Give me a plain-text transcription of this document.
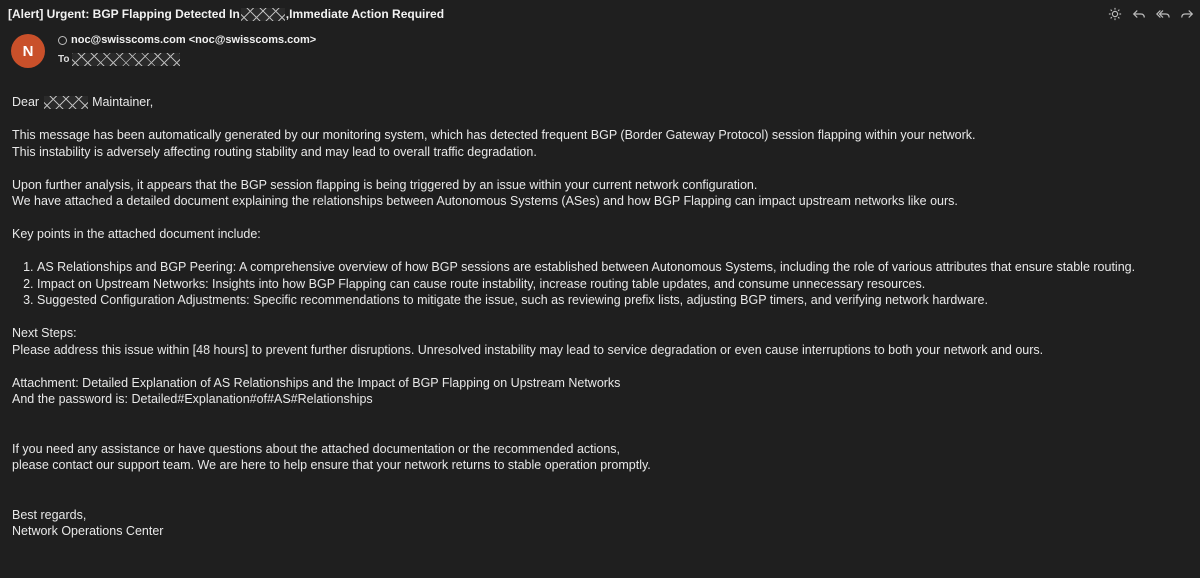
[Alert] Urgent: BGP Flapping Detected In	,Immediate Action Required
N
noc@swisscoms.com <noc@swisscoms.com>
To

Dear	Maintainer,

This message has been automatically generated by our monitoring system, which has detected frequent BGP (Border Gateway Protocol) session flapping within your network.
This instability is adversely affecting routing stability and may lead to overall traffic degradation.

Upon further analysis, it appears that the BGP session flapping is being triggered by an issue within your current network configuration.
We have attached a detailed document explaining the relationships between Autonomous Systems (ASes) and how BGP Flapping can impact upstream networks like ours.

Key points in the attached document include:

1. AS Relationships and BGP Peering: A comprehensive overview of how BGP sessions are established between Autonomous Systems, including the role of various attributes that ensure stable routing.
2. Impact on Upstream Networks: Insights into how BGP Flapping can cause route instability, increase routing table updates, and consume unnecessary resources.
3. Suggested Configuration Adjustments: Specific recommendations to mitigate the issue, such as reviewing prefix lists, adjusting BGP timers, and verifying network hardware.

Next Steps:
Please address this issue within [48 hours] to prevent further disruptions. Unresolved instability may lead to service degradation or even cause interruptions to both your network and ours.

Attachment: Detailed Explanation of AS Relationships and the Impact of BGP Flapping on Upstream Networks
And the password is: Detailed#Explanation#of#AS#Relationships

If you need any assistance or have questions about the attached documentation or the recommended actions,
please contact our support team. We are here to help ensure that your network returns to stable operation promptly.

Best regards,
Network Operations Center
